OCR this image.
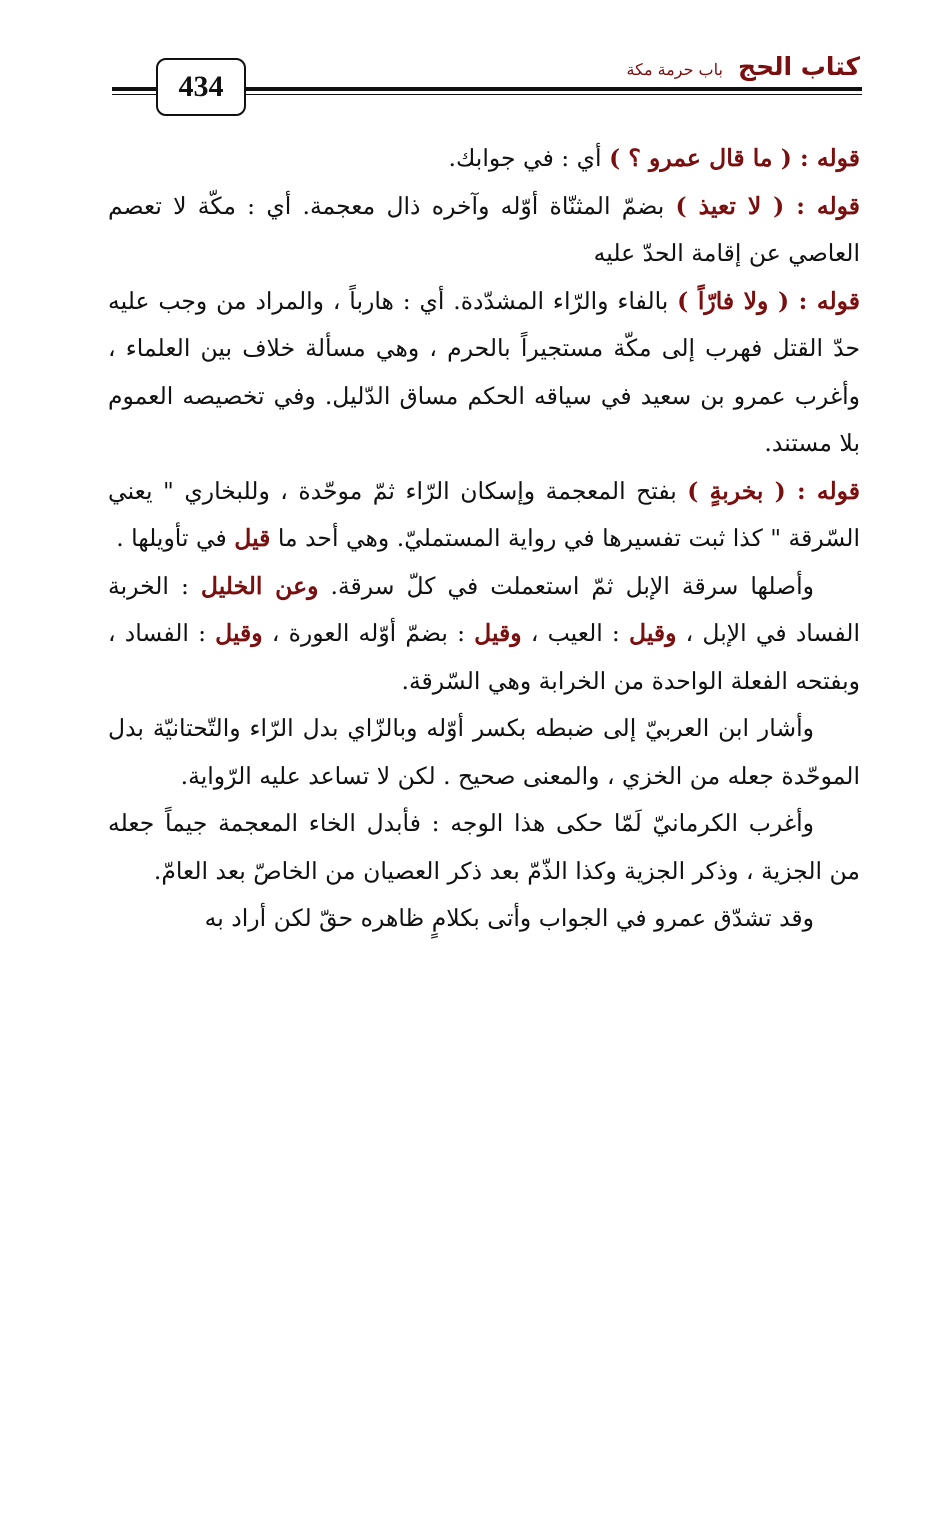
434
كتاب الحج باب حرمة مكة

قوله : ( ما قال عمرو ؟ ) أي : في جوابك.

قوله : ( لا تعيذ ) بضمّ المثنّاة أوّله وآخره ذال معجمة. أي : مكّة لا تعصم العاصي عن إقامة الحدّ عليه

قوله : ( ولا فارّاً ) بالفاء والرّاء المشدّدة. أي : هارباً ، والمراد من وجب عليه حدّ القتل فهرب إلى مكّة مستجيراً بالحرم ، وهي مسألة خلاف بين العلماء ، وأغرب عمرو بن سعيد في سياقه الحكم مساق الدّليل. وفي تخصيصه العموم بلا مستند.

قوله : ( بخربةٍ ) بفتح المعجمة وإسكان الرّاء ثمّ موحّدة ، وللبخاري " يعني السّرقة " كذا ثبت تفسيرها في رواية المستمليّ. وهي أحد ما قيل في تأويلها .

وأصلها سرقة الإبل ثمّ استعملت في كلّ سرقة. وعن الخليل : الخربة الفساد في الإبل ، وقيل : العيب ، وقيل : بضمّ أوّله العورة ، وقيل : الفساد ، وبفتحه الفعلة الواحدة من الخرابة وهي السّرقة.

وأشار ابن العربيّ إلى ضبطه بكسر أوّله وبالزّاي بدل الرّاء والتّحتانيّة بدل الموحّدة جعله من الخزي ، والمعنى صحيح . لكن لا تساعد عليه الرّواية.

وأغرب الكرمانيّ لَمّا حكى هذا الوجه : فأبدل الخاء المعجمة جيماً جعله من الجزية ، وذكر الجزية وكذا الذّمّ بعد ذكر العصيان من الخاصّ بعد العامّ.

وقد تشدّق عمرو في الجواب وأتى بكلامٍ ظاهره حقّ لكن أراد به
